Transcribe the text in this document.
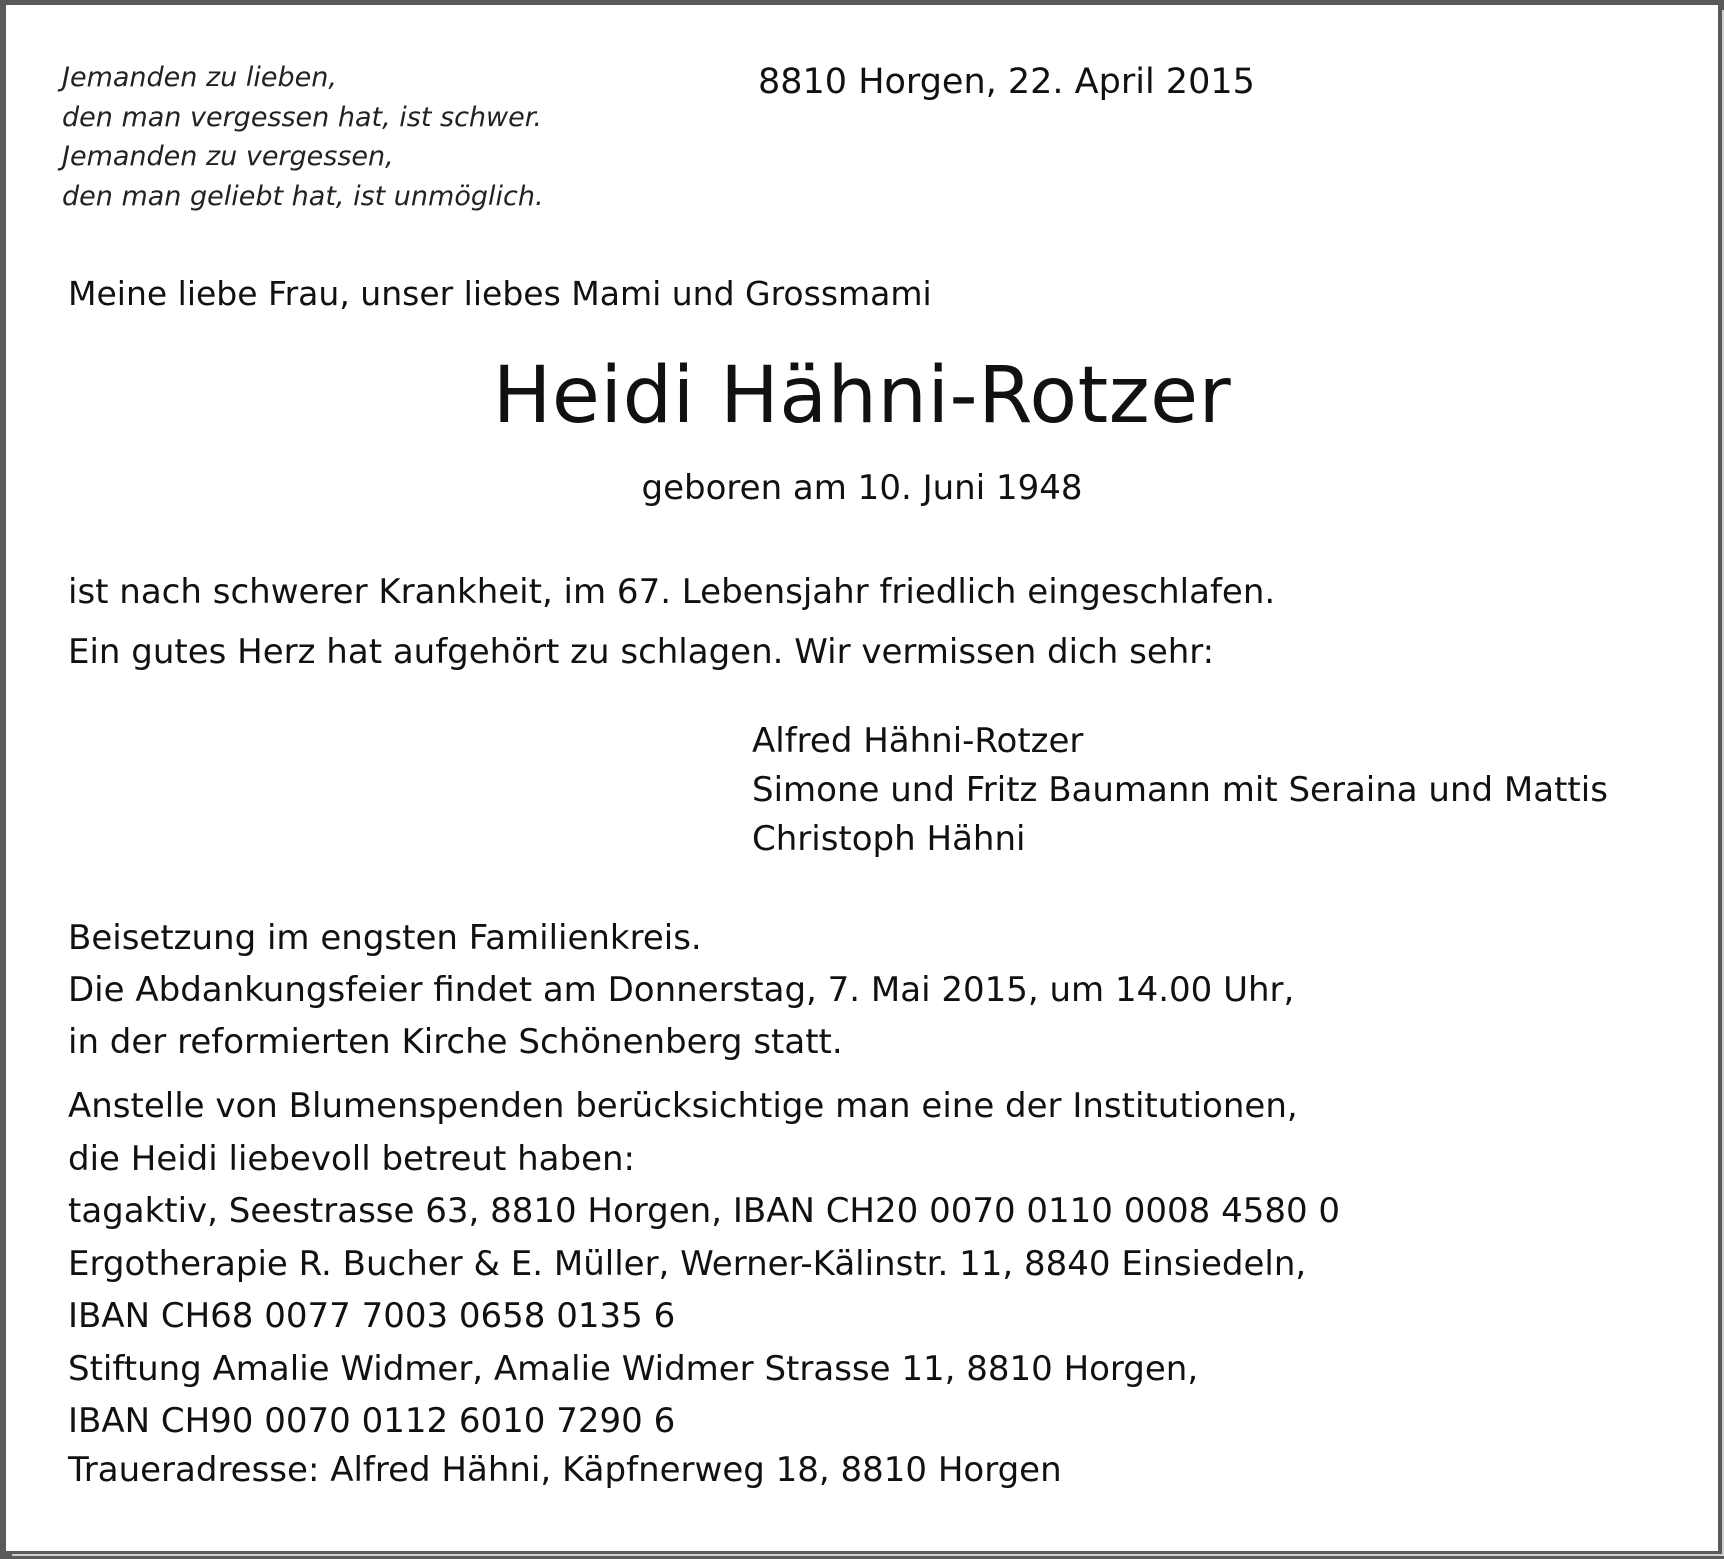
Jemanden zu lieben,
den man vergessen hat, ist schwer.
Jemanden zu vergessen,
den man geliebt hat, ist unmöglich.
8810 Horgen, 22. April 2015
Meine liebe Frau, unser liebes Mami und Grossmami
Heidi Hähni-Rotzer
geboren am 10. Juni 1948
ist nach schwerer Krankheit, im 67. Lebensjahr friedlich eingeschlafen.
Ein gutes Herz hat aufgehört zu schlagen. Wir vermissen dich sehr:
Alfred Hähni-Rotzer
Simone und Fritz Baumann mit Seraina und Mattis
Christoph Hähni
Beisetzung im engsten Familienkreis.
Die Abdankungsfeier findet am Donnerstag, 7. Mai 2015, um 14.00 Uhr,
in der reformierten Kirche Schönenberg statt.
Anstelle von Blumenspenden berücksichtige man eine der Institutionen,
die Heidi liebevoll betreut haben:
tagaktiv, Seestrasse 63, 8810 Horgen, IBAN CH20 0070 0110 0008 4580 0
Ergotherapie R. Bucher & E. Müller, Werner-Kälinstr. 11, 8840 Einsiedeln,
IBAN CH68 0077 7003 0658 0135 6
Stiftung Amalie Widmer, Amalie Widmer Strasse 11, 8810 Horgen,
IBAN CH90 0070 0112 6010 7290 6
Traueradresse: Alfred Hähni, Käpfnerweg 18, 8810 Horgen
